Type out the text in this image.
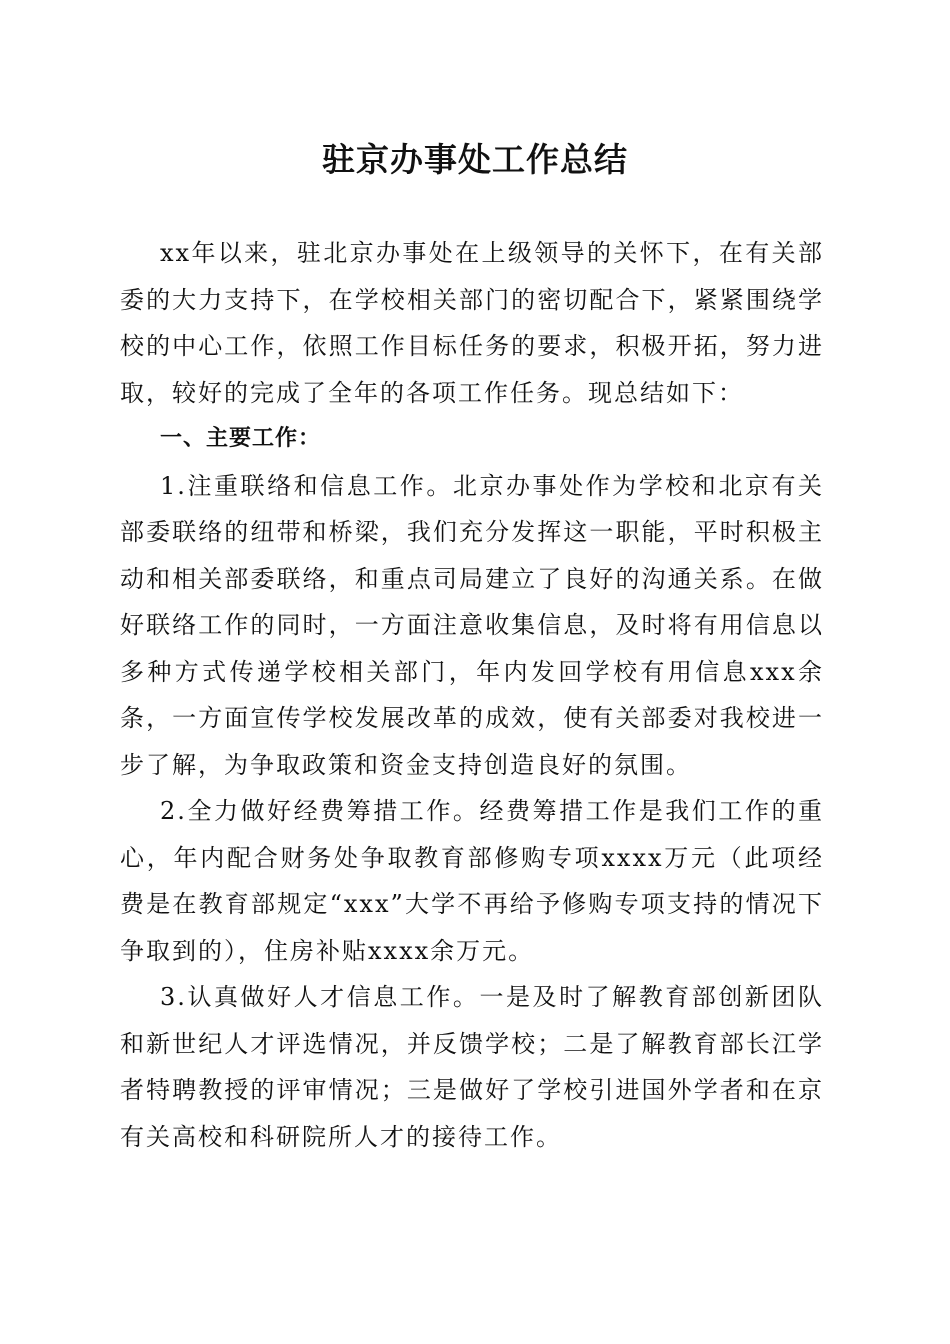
驻京办事处工作总结

xx年以来，驻北京办事处在上级领导的关怀下，在有关部委的大力支持下，在学校相关部门的密切配合下，紧紧围绕学校的中心工作，依照工作目标任务的要求，积极开拓，努力进取，较好的完成了全年的各项工作任务。现总结如下：

一、主要工作：

1.注重联络和信息工作。北京办事处作为学校和北京有关部委联络的纽带和桥梁，我们充分发挥这一职能，平时积极主动和相关部委联络，和重点司局建立了良好的沟通关系。在做好联络工作的同时，一方面注意收集信息，及时将有用信息以多种方式传递学校相关部门，年内发回学校有用信息xxx余条，一方面宣传学校发展改革的成效，使有关部委对我校进一步了解，为争取政策和资金支持创造良好的氛围。

2.全力做好经费筹措工作。经费筹措工作是我们工作的重心，年内配合财务处争取教育部修购专项xxxx万元（此项经费是在教育部规定“xxx”大学不再给予修购专项支持的情况下争取到的），住房补贴xxxx余万元。

3.认真做好人才信息工作。一是及时了解教育部创新团队和新世纪人才评选情况，并反馈学校；二是了解教育部长江学者特聘教授的评审情况；三是做好了学校引进国外学者和在京有关高校和科研院所人才的接待工作。
